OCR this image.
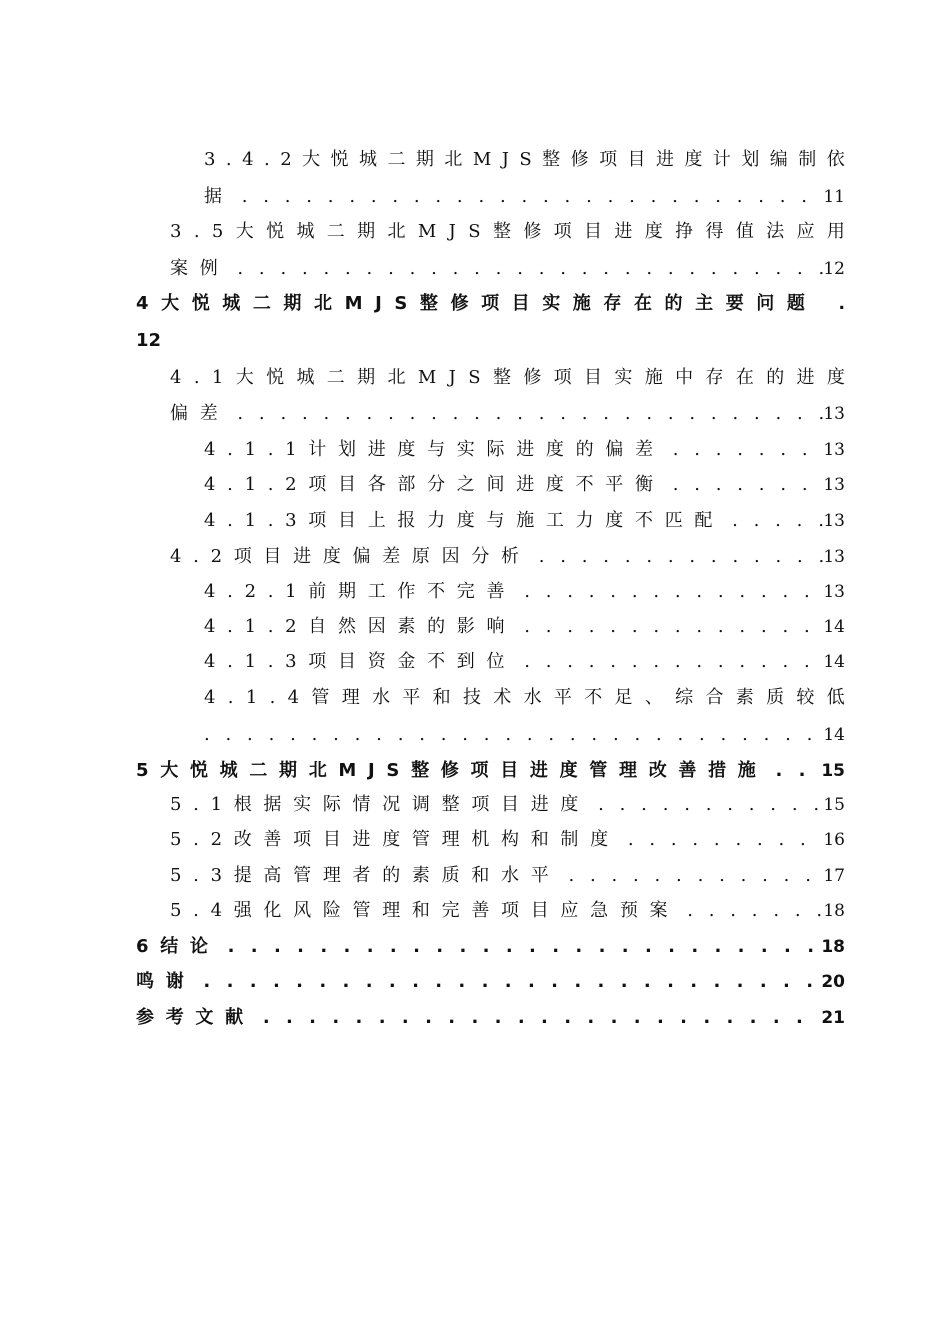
3 . 4 . 2 大 悦 城 二 期 北 M J S 整 修 项 目 进 度 计 划 编 制 依
据 . . .	11
3 . 5 大 悦 城 二 期 北 M J S 整 修 项 目 进 度 挣 得 值 法 应 用
案例 . . .	12
4 大 悦 城 二 期 北 M J S 整 修 项 目 实 施 存 在 的 主 要 问 题	.
12
4 . 1 大 悦 城 二 期 北 M J S 整 修 项 目 实 施 中 存 在 的 进 度
偏差 . . .	13
4.1.1计划进度与实际进度的偏差 . . .	13
4.1.2项目各部分之间进度不平衡 . . .	13
4.1.3项目上报力度与施工力度不匹配 . . .	13
4.2项目进度偏差原因分析 . . .	13
4.2.1前期工作不完善 . . .	13
4.1.2自然因素的影响 . . .	14
4.1.3项目资金不到位 . . .	14
4 . 1 . 4 管 理 水 平 和 技 术 水 平 不 足 、 综 合 素 质 较 低
. . .
14
5大悦城二期北MJS整修项目进度管理改善措施 . . .	15
5.1根据实际情况调整项目进度 . . .	15
5.2改善项目进度管理机构和制度 . . .	16
5.3提高管理者的素质和水平 . . .	17
5.4强化风险管理和完善项目应急预案 . . .	18
6结论 . . .	18
鸣谢 . . .	20
参考文献 . . .	21
